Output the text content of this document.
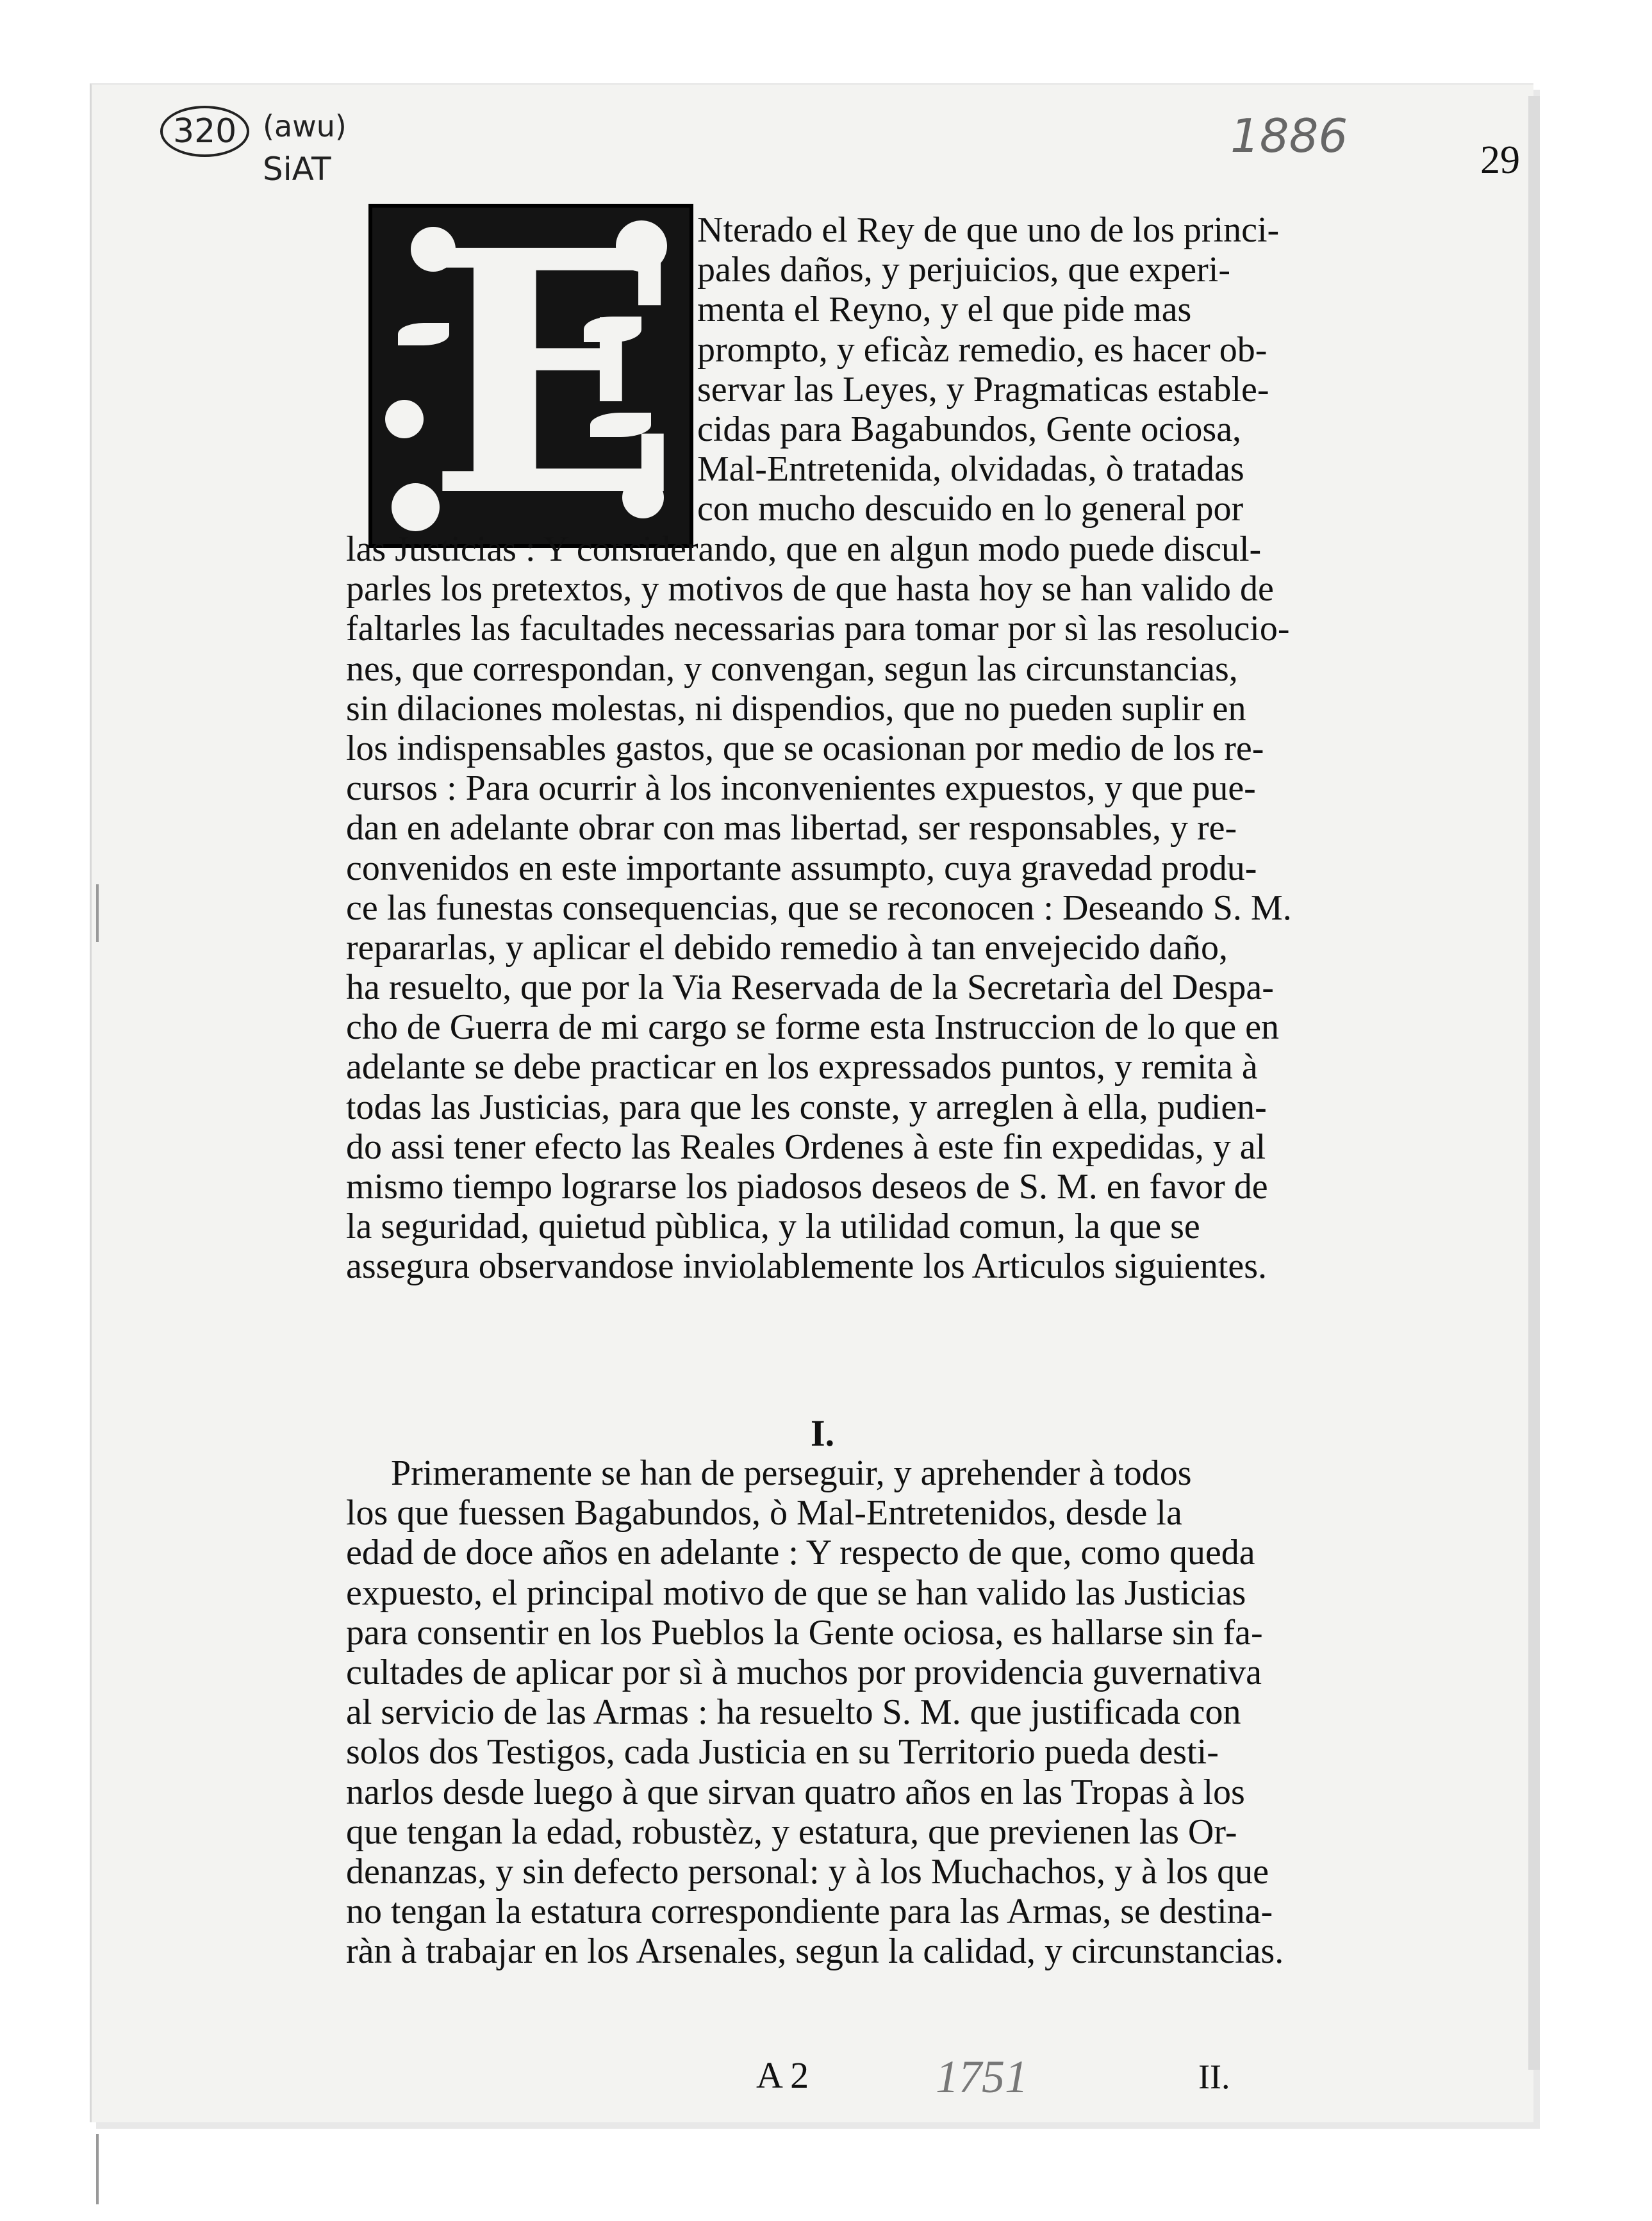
320 (awu)
SiAT
1886	29
E Nterado el Rey de que uno de los princi-
pales daños, y perjuicios, que experi-
menta el Reyno, y el que pide mas
prompto, y eficàz remedio, es hacer ob-
servar las Leyes, y Pragmaticas estable-
cidas para Bagabundos, Gente ociosa,
Mal-Entretenida, olvidadas, ò tratadas
con mucho descuido en lo general por
las Justicias : Y considerando, que en algun modo puede discul-
parles los pretextos, y motivos de que hasta hoy se han valido de
faltarles las facultades necessarias para tomar por sì las resolucio-
nes, que correspondan, y convengan, segun las circunstancias,
sin dilaciones molestas, ni dispendios, que no pueden suplir en
los indispensables gastos, que se ocasionan por medio de los re-
cursos : Para ocurrir à los inconvenientes expuestos, y que pue-
dan en adelante obrar con mas libertad, ser responsables, y re-
convenidos en este importante assumpto, cuya gravedad produ-
ce las funestas consequencias, que se reconocen : Deseando S. M.
repararlas, y aplicar el debido remedio à tan envejecido daño,
ha resuelto, que por la Via Reservada de la Secretarìa del Despa-
cho de Guerra de mi cargo se forme esta Instruccion de lo que en
adelante se debe practicar en los expressados puntos, y remita à
todas las Justicias, para que les conste, y arreglen à ella, pudien-
do assi tener efecto las Reales Ordenes à este fin expedidas, y al
mismo tiempo lograrse los piadosos deseos de S. M. en favor de
la seguridad, quietud pùblica, y la utilidad comun, la que se
assegura observandose inviolablemente los Articulos siguientes.
I.
Primeramente se han de perseguir, y aprehender à todos
los que fuessen Bagabundos, ò Mal-Entretenidos, desde la
edad de doce años en adelante : Y respecto de que, como queda
expuesto, el principal motivo de que se han valido las Justicias
para consentir en los Pueblos la Gente ociosa, es hallarse sin fa-
cultades de aplicar por sì à muchos por providencia guvernativa
al servicio de las Armas : ha resuelto S. M. que justificada con
solos dos Testigos, cada Justicia en su Territorio pueda desti-
narlos desde luego à que sirvan quatro años en las Tropas à los
que tengan la edad, robustèz, y estatura, que previenen las Or-
denanzas, y sin defecto personal: y à los Muchachos, y à los que
no tengan la estatura correspondiente para las Armas, se destina-
ràn à trabajar en los Arsenales, segun la calidad, y circunstancias.
A 2	1751	II.
